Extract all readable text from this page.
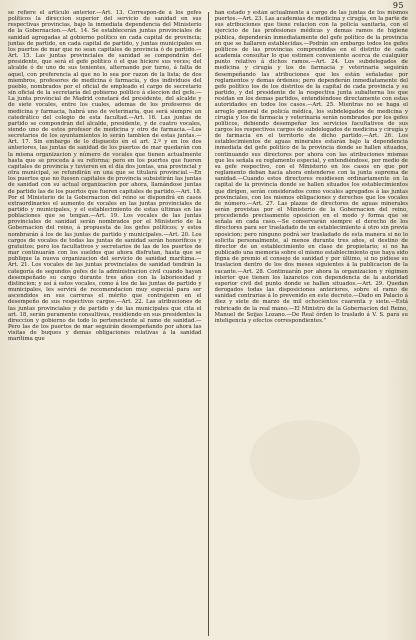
95

se refiere el articulo anterior.—Art. 13. Correspon-de á los gefes políticos la direccion superior del servicio de sanidad en sus respectivas provincias, bajo la inmediata dependencia del Ministerio de la Gobernacion.—Art. 14. Se establecerán juntas provinciales de sanidad agregadas al gobierno político en cada capital de provincia; juntas de partido, en cada capital de partido, y juntas municipales en los puertos de mar que no sean capitales de provincia ó de partido.—Art. 15. Las juntas provinciales de sanidad se compondrán del presidente, que será el gefe político ó el que hiciere sus veces; del alcalde ó de uno de sus tenientes, alternando por turno, á falta de aquel, con preferencia al que no lo sea por razon de la lista; de dos miembros, profesores de medicina é farmacia, y dos individuos del pueblo, nombrados por el oficial de empleado el cargo de secretario sin oficial de la secretaría del gobierno político á eleccion del gefe.—La junta provincial de Madrid constará del presidente, del alcalde y de siete vocales, entre los cuales, ademas de los profesores de medicina y farmacia, habrá uno de veterinaria, que será siempre un catedrático del colegio de esta facultad.—Art. 16. Las juntas de partido se compondrán del alcalde, presidente, y de cuatro vocales, siendo uno de estos profesor de medicina y otro de farmacia.—Los secretarios de los ayuntamientos lo serán tambien de estas juntas.—Art. 17. Sin embargo de lo dispuesto en el art. 2.º y en los dos anteriores, las juntas de sanidad de los puertos de mar quedarán con la misma organizacion y número de vocales que tienen actualmente hasta que se proceda á su reforma; pero en los puertos que fueren capitales de provincia y tuvieren en el dia dos juntas, una provincial y otra municipal, se refundirán en una que se titulará provincial.—En los puertos que no fuesen capitales de provincia subsistirán las juntas de sanidad con su actual organizacion por ahora, llamándose juntas de partido las de los puertos que fueren capitales de partido.—Art. 18. Por el Ministerio de la Gobernacion del reino se dispondrá en casos extraordinarios el aumento de vocales en las juntas provinciales de partido y municipales, y el establecimiento de estas últimas en las poblaciones que se tengan.—Art. 19. Los vocales de las juntas provinciales de sanidad serán nombrados por el Ministerio de la Gobernacion del reino, á propuesta de los gefes políticos; y estos nombrarán á los de las juntas de partido y municipales.—Art. 20. Los cargos de vocales de todas las juntas de sanidad serán honoríficos y gratuitos; pero los facultativos y secretarios de las de los puertos de mar continuarán con los sueldos que ahora disfrutan, hasta que se publique la nueva organizacion del servicio de sanidad marítima.—Art. 21. Los vocales de las juntas provinciales de sanidad tendrán la categoría de segundos gefes de la administracion civil cuando hayan desempeñado su cargo durante tres años con la laboriosidad y distincion; y así á estos vocales, como á los de las juntas de partido y municipales, les servirá de recomendacion muy especial para ser ascendidos en sus carreras el mérito que contrajeren en el desempeño de sus respectivos cargos.—Art. 22. Las atribuciones de las juntas provinciales y de partido y de las municipales que cita el art. 18, serán puramente consultivas, residiendo en sus presidentes la direccion y gobierno de todo lo perteneciente al ramo de sanidad.—Pero las de los puertos de mar seguirán desempeñando por ahora las visitas de buques y demas obligaciones relativas á la sanidad marítima que

han estado y están actualmente á cargo de las juntas de los mismos puertos.—Art. 23. Las academias de medicina y cirugía, en la parte de sus atribuciones que tiene relacion con la policía sanitaria, con el ejercicio de las profesiones médicas y demas ramos de higiene pública, dependerán inmediatamente del gefe político de la provincia en que se hallaren establecidas.—Podrán sin embargo todos los gefes políticos de las provincias comprendidas en el distrito de cada academia consultar lo que estimen conveniente acerca de cualquier punto relativo á dichos ramos.—Art. 24. Los subdelegados de medicina y cirugía y los de farmacia y veterinaria seguirán desempeñando las atribuciones que les están señaladas por reglamentos y demas órdenes; pero dependerán inmediatamente del gefe político los de los distritos de la capital de cada provincia y su partido, y del presidente de la respectiva junta subalterna los que residan en los demas partidos, entendiéndose directamente con estas autoridades en todos los casos.—Art. 25. Mientras no se haga el arreglo general de policía médica, los subdelegados de medicina y cirugía y los de farmacia y veterinaria serán nombrados por los gefes políticos, debiendo desempeñar los servicios facultativos de sus cargos los respectivos cargos de subdelegados de medicina y cirugía y de farmacia en el territorio de dicho partido.—Art. 26. Los establecimientos de aguas minerales estarán bajo la dependencia inmediata del gefe político de la provincia donde se hallen situados, continuando sus directores por ahora con las atribuciones mismas que les señala su reglamento especial, y entendiéndose, por medio de su gefe respectivo, con el Ministerio en los casos en que por reglamento deban hacía ahora entenderse con la junta suprema de sanidad.—Cuando estos directores residiesen ordinariamente en la capital de la provincia donde se hallen situados los establecimientos que dirigen, serán considerados como vocales agregados á las juntas provinciales, con los mismos obligaciones y derechos que los vocales de número.—Art. 27. Las plazas de directores de aguas minerales serán provistas por el Ministerio de la Gobernacion del reino, procediendo precisamente oposicion en el modo y forma que se señala en cada caso.—Se conservarán siempre el derecho de los directores para ser trasladado de un establecimiento á otro sin previa oposicion; pero ninguno podrá ser trasladado de esta manera si no lo solicita personalmente, al menos durante tres años, el destino de director de un establecimiento en clase de propietario; si no ha publicado una memoria sobre el mismo establecimiento que haya sido digna de premio el consejo de sanidad y por último, si no pidiese su traslacion dentro de los dos meses siguientes á la publicacion de la vacante.—Art. 28. Continuarán por ahora la organizacion y régimen interior que tienen los lazaretos con dependencia de la autoridad superior civil del punto donde se hallen situados.—Art. 29. Quedan derogados todas las disposiciones anteriores, sobre el ramo de sanidad contrarias á lo prevenido en este decreto.—Dado en Palacio á diez y siete de marzo de mil ochocientos cuarenta y siete.—Está rubricado de la real mano.—El Ministro de la Gobernacion del Reino, Manuel de Seijas Lozano.—De Real órden lo traslado á V. S. para su inteligencia y efectos correspondientes.”
